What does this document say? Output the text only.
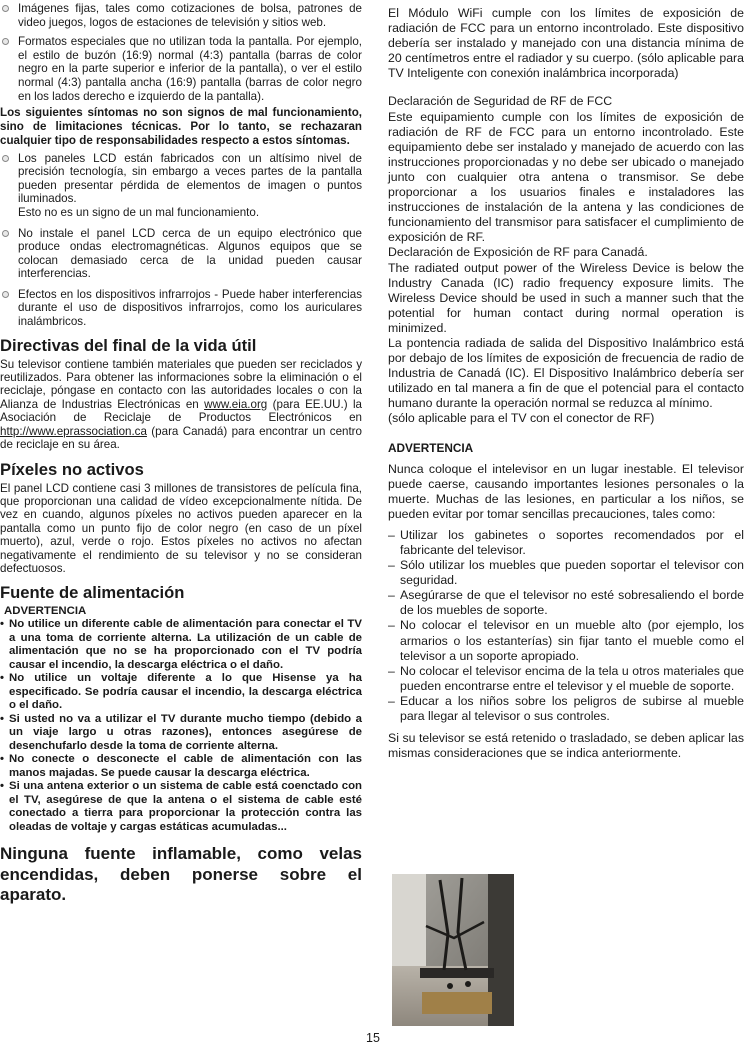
Imágenes fijas, tales como cotizaciones de bolsa, patrones de video juegos, logos de estaciones de televisión y sitios web.

Formatos especiales que no utilizan toda la pantalla. Por ejemplo, el estilo de buzón (16:9) normal (4:3) pantalla (barras de color negro en la parte superior e inferior de la pantalla), o ver el estilo normal (4:3) pantalla ancha (16:9) pantalla (barras de color negro en los lados derecho e izquierdo de la pantalla).

Los siguientes síntomas no son signos de mal funcionamiento, sino de limitaciones técnicas. Por lo tanto, se rechazaran cualquier tipo de responsabilidades respecto a estos síntomas.

Los paneles LCD están fabricados con un altísimo nivel de precisión tecnología, sin embargo a veces partes de la pantalla pueden presentar pérdida de elementos de imagen o puntos iluminados.

Esto no es un signo de un mal funcionamiento.

No instale el panel LCD cerca de un equipo electrónico que produce ondas electromagnéticas. Algunos equipos que se colocan demasiado cerca de la unidad pueden causar interferencias.

Efectos en los dispositivos infrarrojos - Puede haber interferencias durante el uso de dispositivos infrarrojos, como los auriculares inalámbricos.

Directivas del final de la vida útil

Su televisor contiene también materiales que pueden ser reciclados y reutilizados. Para obtener las informaciones sobre la eliminación o el reciclaje, póngase en contacto con las autoridades locales o con la Alianza de Industrias Electrónicas en www.eia.org (para EE.UU.) la Asociación de Reciclaje de Productos Electrónicos en http://www.eprassociation.ca (para Canadá) para encontrar un centro de reciclaje en su área.

Píxeles no activos

El panel LCD contiene casi 3 millones de transistores de película fina, que proporcionan una calidad de vídeo excepcionalmente nítida. De vez en cuando, algunos píxeles no activos pueden aparecer en la pantalla como un punto fijo de color negro (en caso de un píxel muerto), azul, verde o rojo. Estos píxeles no activos no afectan negativamente el rendimiento de su televisor y no se consideran defectuosos.

Fuente de alimentación
ADVERTENCIA
• No utilice un diferente cable de alimentación para conectar el TV a una toma de corriente alterna. La utilización de un cable de alimentación que no se ha proporcionado con el TV podría causar el incendio, la descarga eléctrica o el daño.
• No utilice un voltaje diferente a lo que Hisense ya ha especificado. Se podría causar el incendio, la descarga eléctrica o el daño.
• Si usted no va a utilizar el TV durante mucho tiempo (debido a un viaje largo u otras razones), entonces asegúrese de desenchufarlo desde la toma de corriente alterna.
• No conecte o desconecte el cable de alimentación con las manos majadas. Se puede causar la descarga eléctrica.
• Si una antena exterior o un sistema de cable está coenctado con el TV, asegúrese de que la antena o el sistema de cable esté conectado a tierra para proporcionar la protección contra las oleadas de voltaje y cargas estáticas acumuladas...

Ninguna fuente inflamable, como velas encendidas, deben ponerse sobre el aparato.

El Módulo WiFi cumple con los límites de exposición de radiación de FCC para un entorno incontrolado. Este dispositivo debería ser instalado y manejado con una distancia mínima de 20 centímetros entre el radiador y su cuerpo. (sólo aplicable para TV Inteligente con conexión inalámbrica incorporada)

Declaración de Seguridad de RF de FCC

Este equipamiento cumple con los límites de exposición de radiación de RF de FCC para un entorno incontrolado. Este equipamiento debe ser instalado y manejado de acuerdo con las instrucciones proporcionadas y no debe ser ubicado o manejado junto con cualquier otra antena o transmisor. Se debe proporcionar a los usuarios finales e instaladores las instrucciones de instalación de la antena y las condiciones de funcionamiento del transmisor para satisfacer el cumplimiento de exposición de RF.

Declaración de Exposición de RF para Canadá.

The radiated output power of the Wireless Device is below the Industry Canada (IC) radio frequency exposure limits. The Wireless Device should be used in such a manner such that the potential for human contact during normal operation is minimized.

La pontencia radiada de salida del Dispositivo Inalámbrico está por debajo de los límites de exposición de frecuencia de radio de Industria de Canadá (IC). El Dispositivo Inalámbrico debería ser utilizado en tal manera a fin de que el potencial para el contacto humano durante la operación normal se reduzca al mínimo.

(sólo aplicable para el TV con el conector de RF)

ADVERTENCIA

Nunca coloque el intelevisor en un lugar inestable. El televisor puede caerse, causando importantes lesiones personales o la muerte. Muchas de las lesiones, en particular a los niños, se pueden evitar por tomar sencillas precauciones, tales como:

– Utilizar los gabinetes o soportes recomendados por el fabricante del televisor.
– Sólo utilizar los muebles que pueden soportar el televisor con seguridad.
– Asegúrarse de que el televisor no esté sobresaliendo el borde de los muebles de soporte.
– No colocar el televisor en un mueble alto (por ejemplo, los armarios o los estanterías) sin fijar tanto el mueble como el televisor a un soporte apropiado.
– No colocar el televisor encima de la tela u otros materiales que pueden encontrarse entre el televisor y el mueble de soporte.
– Educar a los niños sobre los peligros de subirse al mueble para llegar al televisor o sus controles.

Si su televisor se está retenido o trasladado, se deben aplicar las mismas consideraciones que se indica anteriormente.

15
